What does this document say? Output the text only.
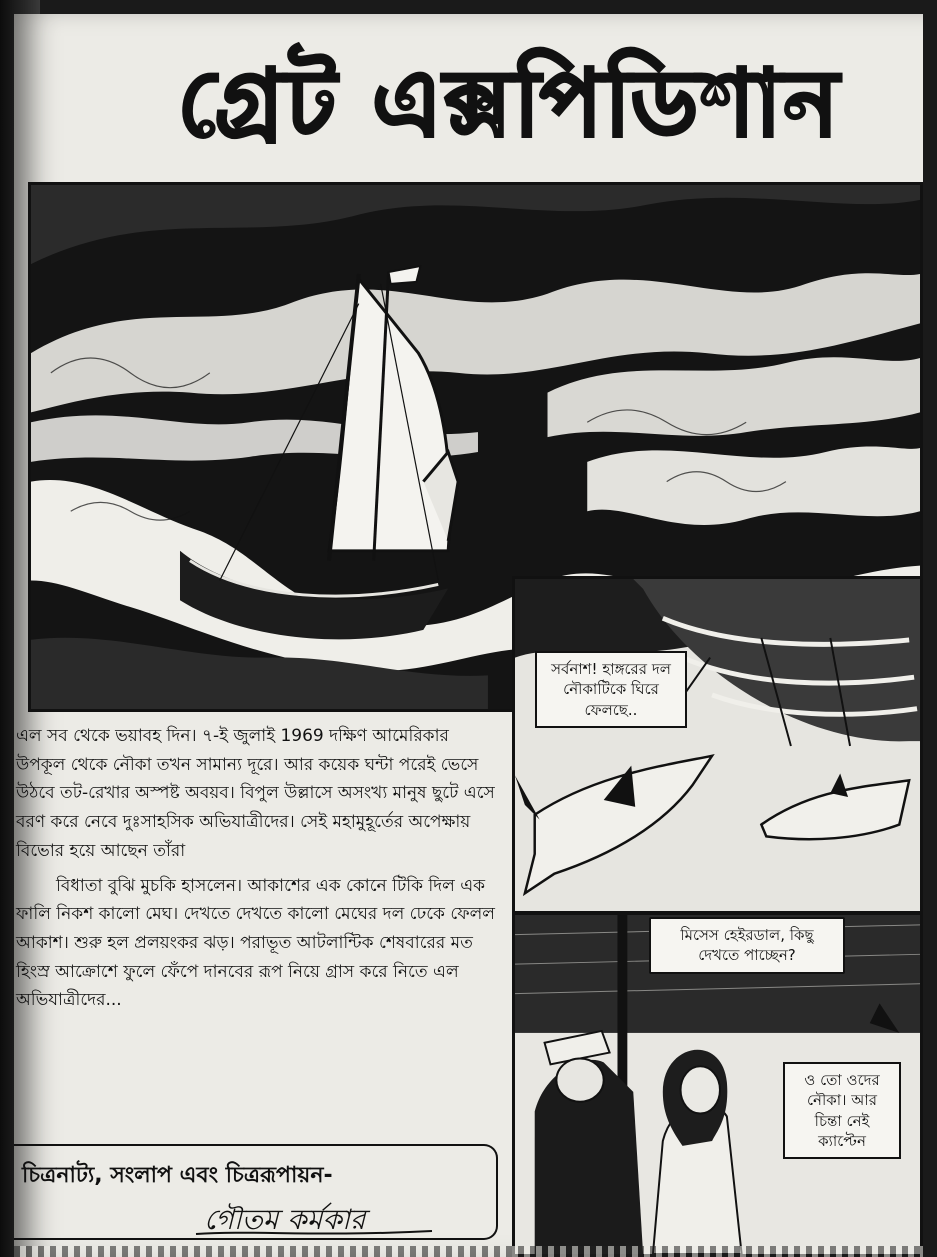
গ্রেট এক্সপিডিশান
সর্বনাশ! হাঙ্গরের দল নৌকাটিকে ঘিরে ফেলছে..
মিসেস হেইরডাল, কিছু দেখতে পাচ্ছেন?
ও তো ওদের নৌকা। আর চিন্তা নেই ক্যাপ্টেন

এল সব থেকে ভয়াবহ দিন। ৭-ই জুলাই 1969 দক্ষিণ আমেরিকার উপকূল থেকে নৌকা তখন সামান্য দূরে। আর কয়েক ঘন্টা পরেই ভেসে উঠবে তট-রেখার অস্পষ্ট অবয়ব। বিপুল উল্লাসে অসংখ্য মানুষ ছুটে এসে বরণ করে নেবে দুঃসাহসিক অভিযাত্রীদের। সেই মহামুহূর্তের অপেক্ষায় বিভোর হয়ে আছেন তাঁরা

বিধাতা বুঝি মুচকি হাসলেন। আকাশের এক কোনে টিকি দিল এক ফালি নিকশ কালো মেঘ। দেখতে দেখতে কালো মেঘের দল ঢেকে ফেলল আকাশ। শুরু হল প্রলয়ংকর ঝড়। পরাভূত আটলান্টিক শেষবারের মত হিংস্র আক্রোশে ফুলে ফেঁপে দানবের রূপ নিয়ে গ্রাস করে নিতে এল অভিযাত্রীদের...

চিত্রনাট্য, সংলাপ এবং চিত্ররূপায়ন-
গৌতম কর্মকার
